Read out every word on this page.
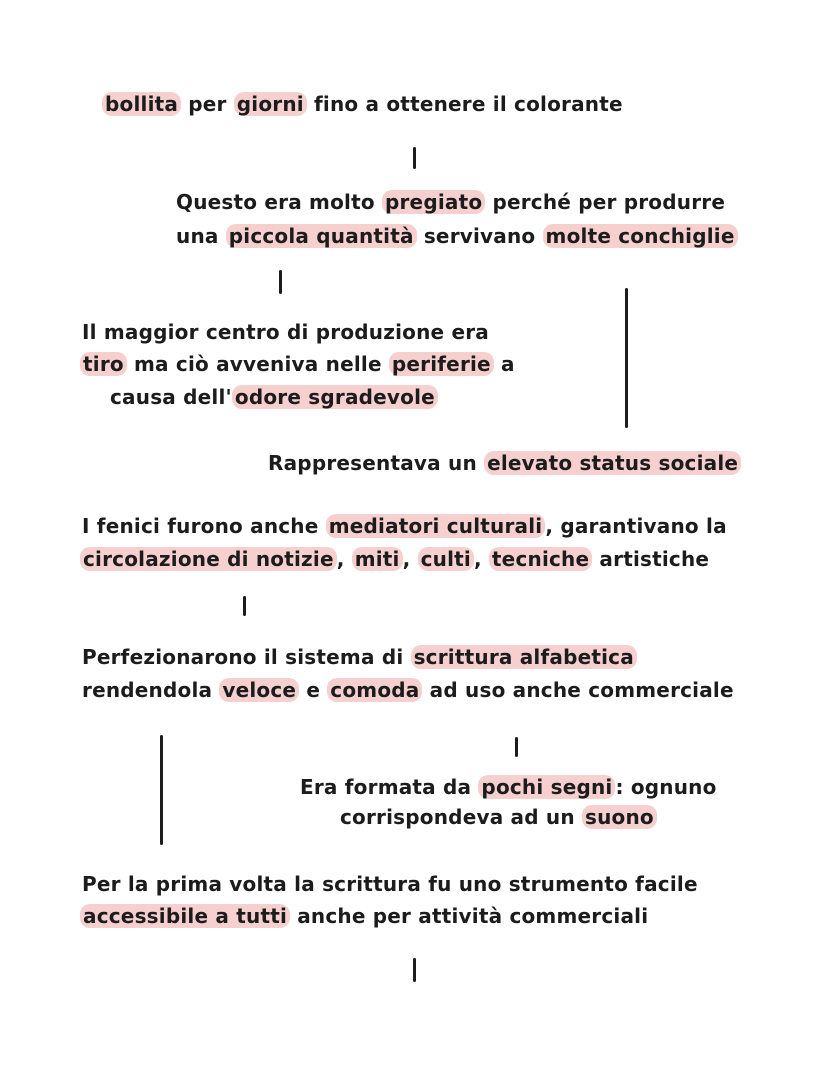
bollita per giorni fino a ottenere il colorante
Questo era molto pregiato perché per produrre
una piccola quantità servivano molte conchiglie
Il maggior centro di produzione era
tiro ma ciò avveniva nelle periferie a
causa dell' odore sgradevole
Rappresentava un elevato status sociale
I fenici furono anche mediatori culturali , garantivano la
circolazione di notizie , miti , culti , tecniche artistiche
Perfezionarono il sistema di scrittura alfabetica
rendendola veloce e comoda ad uso anche commerciale
Era formata da pochi segni : ognuno
corrispondeva ad un suono
Per la prima volta la scrittura fu uno strumento facile
accessibile a tutti anche per attività commerciali
